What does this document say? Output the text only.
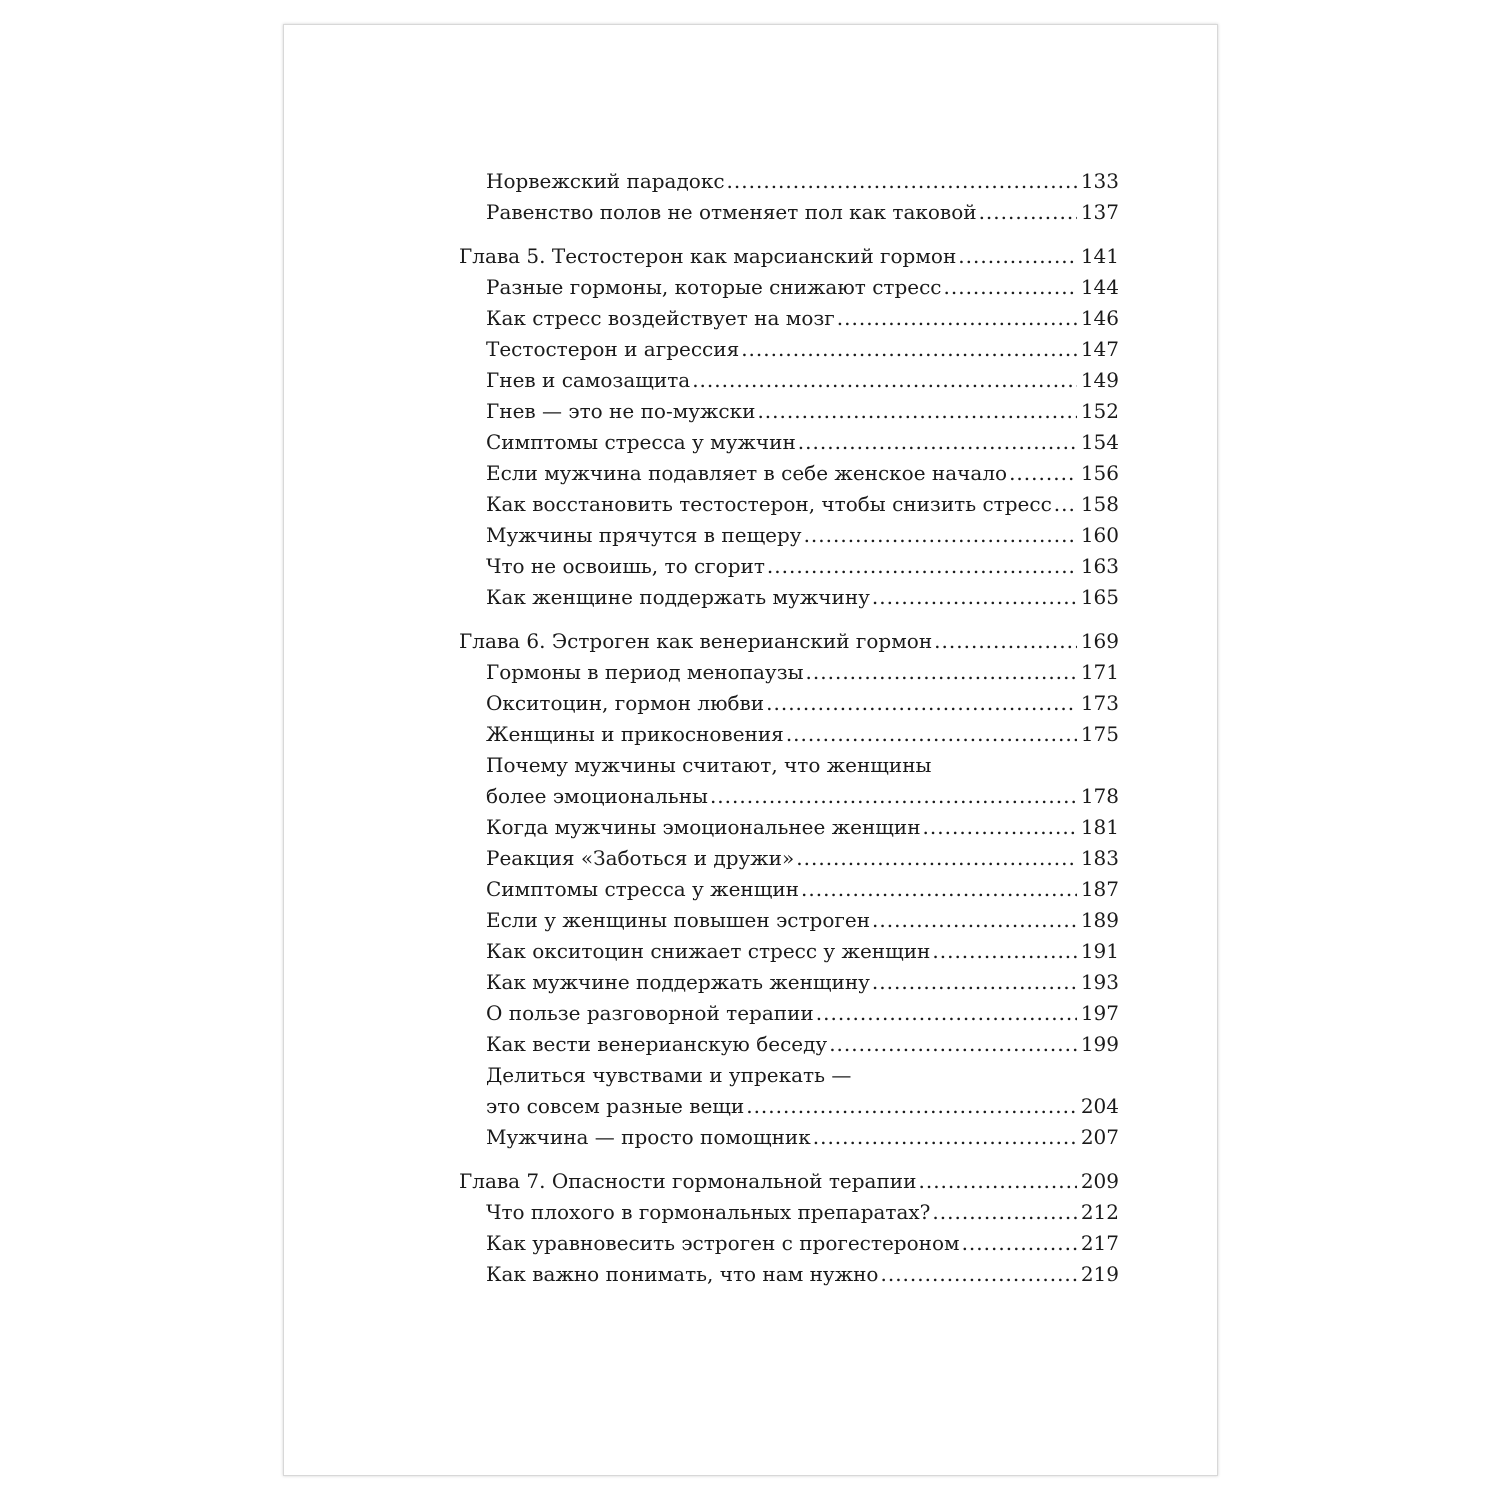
Норвежский парадокс .....	133
Равенство полов не отменяет пол как таковой .....	137
Глава 5. Тестостерон как марсианский гормон .....	141
Разные гормоны, которые снижают стресс .....	144
Как стресс воздействует на мозг .....	146
Тестостерон и агрессия .....	147
Гнев и самозащита .....	149
Гнев — это не по-мужски .....	152
Симптомы стресса у мужчин .....	154
Если мужчина подавляет в себе женское начало .....	156
Как восстановить тестостерон, чтобы снизить стресс ..... 158
Мужчины прячутся в пещеру .....	160
Что не освоишь, то сгорит .....	163
Как женщине поддержать мужчину .....	165
Глава 6. Эстроген как венерианский гормон .....	169
Гормоны в период менопаузы .....	171
Окситоцин, гормон любви .....	173
Женщины и прикосновения .....	175
Почему мужчины считают, что женщины
более эмоциональны .....	178
Когда мужчины эмоциональнее женщин .....	181
Реакция «Заботься и дружи» .....	183
Симптомы стресса у женщин .....	187
Если у женщины повышен эстроген .....	189
Как окситоцин снижает стресс у женщин .....	191
Как мужчине поддержать женщину .....	193
О пользе разговорной терапии .....	197
Как вести венерианскую беседу .....	199
Делиться чувствами и упрекать —
это совсем разные вещи .....	204
Мужчина — просто помощник .....	207
Глава 7. Опасности гормональной терапии .....	209
Что плохого в гормональных препаратах? .....	212
Как уравновесить эстроген с прогестероном .....	217
Как важно понимать, что нам нужно .....	219
